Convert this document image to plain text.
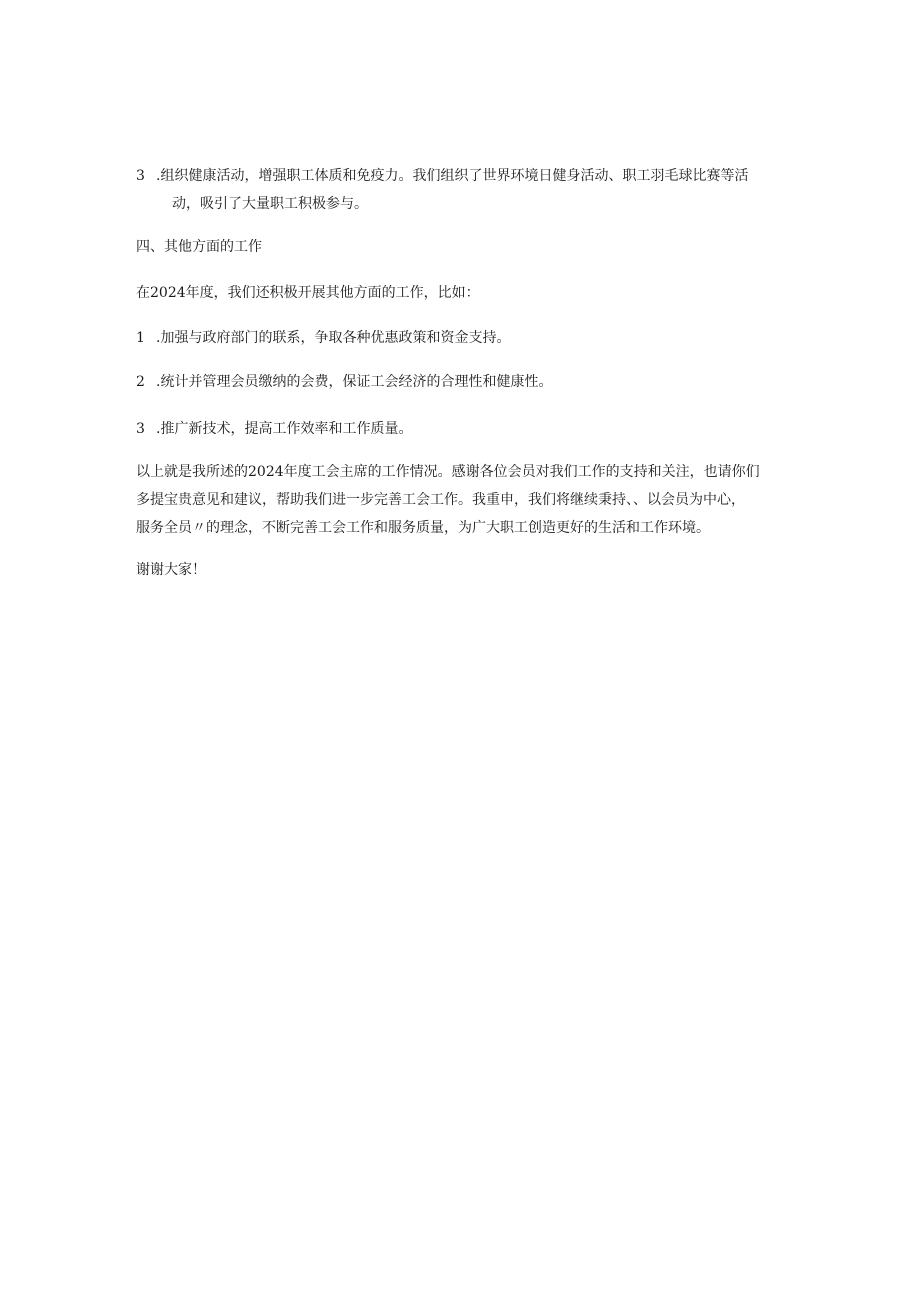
3 .组织健康活动，增强职工体质和免疫力。我们组织了世界环境日健身活动、职工羽毛球比赛等活
动，吸引了大量职工积极参与。

四、其他方面的工作

在2024年度，我们还积极开展其他方面的工作，比如：

1 .加强与政府部门的联系，争取各种优惠政策和资金支持。

2 .统计并管理会员缴纳的会费，保证工会经济的合理性和健康性。

3 .推广新技术，提高工作效率和工作质量。

以上就是我所述的2024年度工会主席的工作情况。感谢各位会员对我们工作的支持和关注，也请你们
多提宝贵意见和建议，帮助我们进一步完善工会工作。我重申，我们将继续秉持、、以会员为中心，
服务全员〃的理念，不断完善工会工作和服务质量，为广大职工创造更好的生活和工作环境。

谢谢大家！
